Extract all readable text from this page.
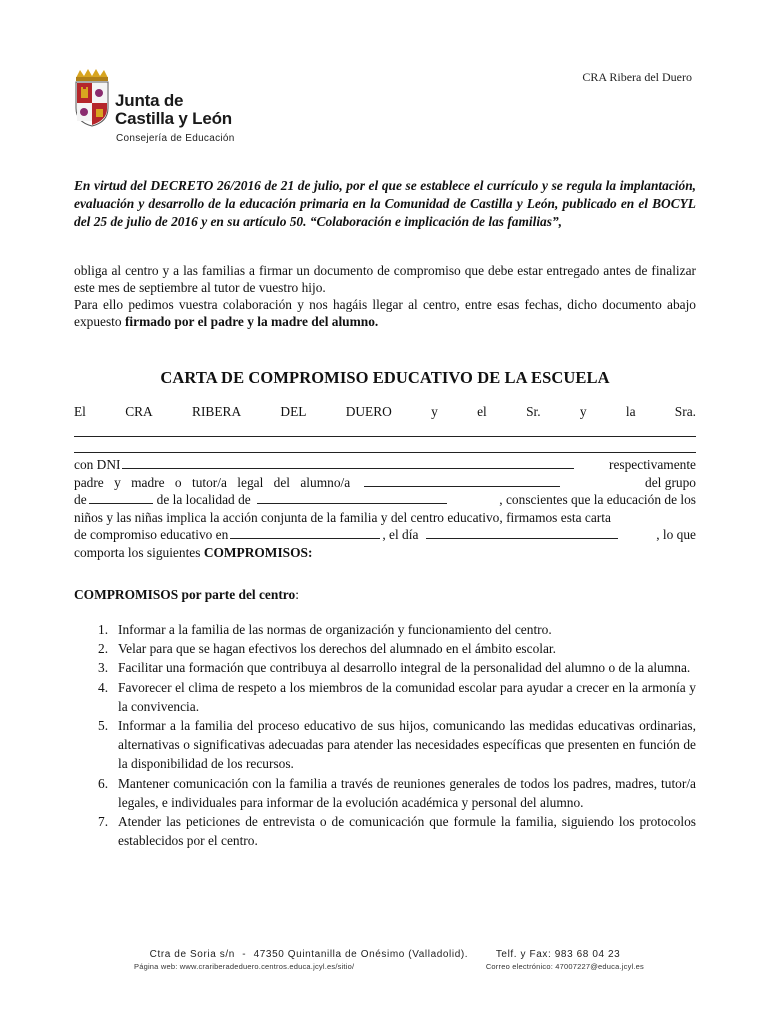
Junta de
Castilla y León
Consejería de Educación
CRA Ribera del Duero
En virtud del DECRETO 26/2016 de 21 de julio, por el que se establece el currículo y se regula la implantación, evaluación y desarrollo de la educación primaria en la Comunidad de Castilla y León, publicado en el BOCYL del 25 de julio de 2016 y en su artículo 50. “Colaboración e implicación de las familias”,
obliga al centro y a las familias a firmar un documento de compromiso que debe estar entregado antes de finalizar este mes de septiembre al tutor de vuestro hijo.
Para ello pedimos vuestra colaboración y nos hagáis llegar al centro, entre esas fechas, dicho documento abajo expuesto firmado por el padre y la madre del alumno.
CARTA DE COMPROMISO EDUCATIVO DE LA ESCUELA
El	CRA	RIBERA	DEL	DUERO	y	el	Sr.	y	la	Sra.
con DNI	respectivamente
padre y madre o tutor/a legal del alumno/a	del grupo
de	de la localidad de	, conscientes que la educación de los
niños y las niñas implica la acción conjunta de la familia y del centro educativo, firmamos esta carta
de compromiso educativo en	, el día	, lo que
comporta los siguientes
COMPROMISOS:
COMPROMISOS por parte del centro:
1. Informar a la familia de las normas de organización y funcionamiento del centro.
2. Velar para que se hagan efectivos los derechos del alumnado en el ámbito escolar.
3. Facilitar una formación que contribuya al desarrollo integral de la personalidad del alumno o de la alumna.
4. Favorecer el clima de respeto a los miembros de la comunidad escolar para ayudar a crecer en la armonía y la convivencia.
5. Informar a la familia del proceso educativo de sus hijos, comunicando las medidas educativas ordinarias, alternativas o significativas adecuadas para atender las necesidades específicas que presenten en función de la disponibilidad de los recursos.
6. Mantener comunicación con la familia a través de reuniones generales de todos los padres, madres, tutor/a legales, e individuales para informar de la evolución académica y personal del alumno.
7. Atender las peticiones de entrevista o de comunicación que formule la familia, siguiendo los protocolos establecidos por el centro.
Ctra de Soria s/n - 47350 Quintanilla de Onésimo (Valladolid).	Telf. y Fax: 983 68 04 23
Página web: www.crariberadeduero.centros.educa.jcyl.es/sitio/	Correo electrónico: 47007227@educa.jcyl.es
